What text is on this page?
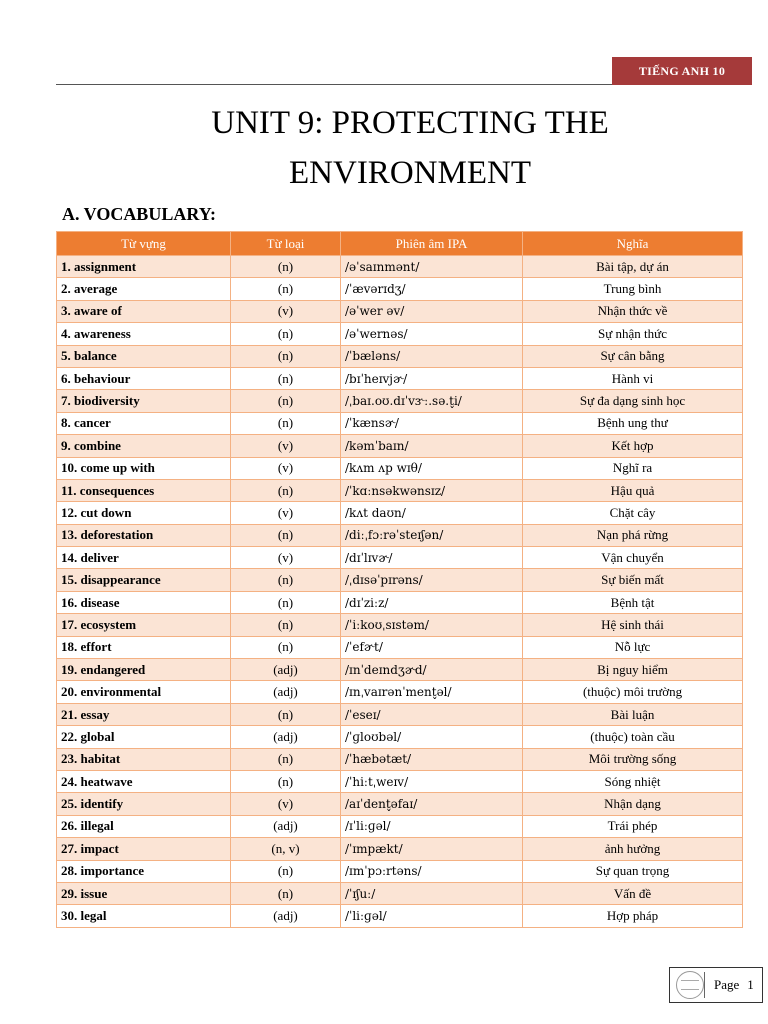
TIẾNG ANH 10
UNIT 9: PROTECTING THE
ENVIRONMENT
A. VOCABULARY:
Từ vựng	Từ loại	Phiên âm IPA	Nghĩa
1. assignment	(n)	/əˈsaɪnmənt/	Bài tập, dự án
2. average	(n)	/ˈævərɪdʒ/	Trung bình
3. aware of	(v)	/əˈwer əv/	Nhận thức về
4. awareness	(n)	/əˈwernəs/	Sự nhận thức
5. balance	(n)	/ˈbæləns/	Sự cân bằng
6. behaviour	(n)	/bɪˈheɪvjɚ/	Hành vi
7. biodiversity	(n)	/ˌbaɪ.oʊ.dɪˈvɝː.sə.t̬i/	Sự đa dạng sinh học
8. cancer	(n)	/ˈkænsɚ/	Bệnh ung thư
9. combine	(v)	/kəmˈbaɪn/	Kết hợp
10. come up with	(v)	/kʌm ʌp wɪθ/	Nghĩ ra
11. consequences	(n)	/ˈkɑːnsəkwənsɪz/	Hậu quả
12. cut down	(v)	/kʌt daʊn/	Chặt cây
13. deforestation	(n)	/diːˌfɔːrəˈsteɪʃən/	Nạn phá rừng
14. deliver	(v)	/dɪˈlɪvɚ/	Vận chuyển
15. disappearance	(n)	/ˌdɪsəˈpɪrəns/	Sự biến mất
16. disease	(n)	/dɪˈziːz/	Bệnh tật
17. ecosystem	(n)	/ˈiːkoʊˌsɪstəm/	Hệ sinh thái
18. effort	(n)	/ˈefɚt/	Nỗ lực
19. endangered	(adj)	/ɪnˈdeɪndʒɚd/	Bị nguy hiểm
20. environmental	(adj)	/ɪnˌvaɪrənˈment̬əl/	(thuộc) môi trường
21. essay	(n)	/ˈeseɪ/	Bài luận
22. global	(adj)	/ˈɡloʊbəl/	(thuộc) toàn cầu
23. habitat	(n)	/ˈhæbətæt/	Môi trường sống
24. heatwave	(n)	/ˈhiːtˌweɪv/	Sóng nhiệt
25. identify	(v)	/aɪˈdent̬əfaɪ/	Nhận dạng
26. illegal	(adj)	/ɪˈliːɡəl/	Trái phép
27. impact	(n, v)	/ˈɪmpækt/	ảnh hưởng
28. importance	(n)	/ɪmˈpɔːrtəns/	Sự quan trọng
29. issue	(n)	/ˈɪʃuː/	Vấn đề
30. legal	(adj)	/ˈliːɡəl/	Hợp pháp
Page 1
